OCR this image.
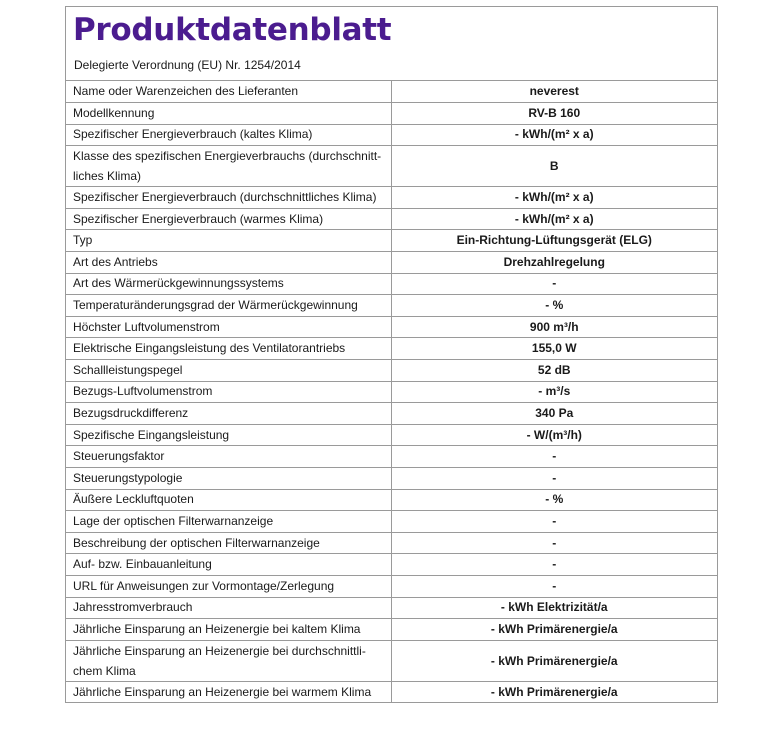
Produktdatenblatt
Delegierte Verordnung (EU) Nr. 1254/2014
Name oder Warenzeichen des Lieferanten	neverest
Modellkennung	RV-B 160
Spezifischer Energieverbrauch (kaltes Klima)	- kWh/(m² x a)
Klasse des spezifischen Energieverbrauchs (durchschnitt-
liches Klima)	B
Spezifischer Energieverbrauch (durchschnittliches Klima)	- kWh/(m² x a)
Spezifischer Energieverbrauch (warmes Klima)	- kWh/(m² x a)
Typ	Ein-Richtung-Lüftungsgerät (ELG)
Art des Antriebs	Drehzahlregelung
Art des Wärmerückgewinnungssystems	-
Temperaturänderungsgrad der Wärmerückgewinnung	- %
Höchster Luftvolumenstrom	900 m³/h
Elektrische Eingangsleistung des Ventilatorantriebs	155,0 W
Schallleistungspegel	52 dB
Bezugs-Luftvolumenstrom	- m³/s
Bezugsdruckdifferenz	340 Pa
Spezifische Eingangsleistung	- W/(m³/h)
Steuerungsfaktor	-
Steuerungstypologie	-
Äußere Leckluftquoten	- %
Lage der optischen Filterwarnanzeige	-
Beschreibung der optischen Filterwarnanzeige	-
Auf- bzw. Einbauanleitung	-
URL für Anweisungen zur Vormontage/Zerlegung	-
Jahresstromverbrauch	- kWh Elektrizität/a
Jährliche Einsparung an Heizenergie bei kaltem Klima	- kWh Primärenergie/a
Jährliche Einsparung an Heizenergie bei durchschnittli-
chem Klima	- kWh Primärenergie/a
Jährliche Einsparung an Heizenergie bei warmem Klima	- kWh Primärenergie/a
